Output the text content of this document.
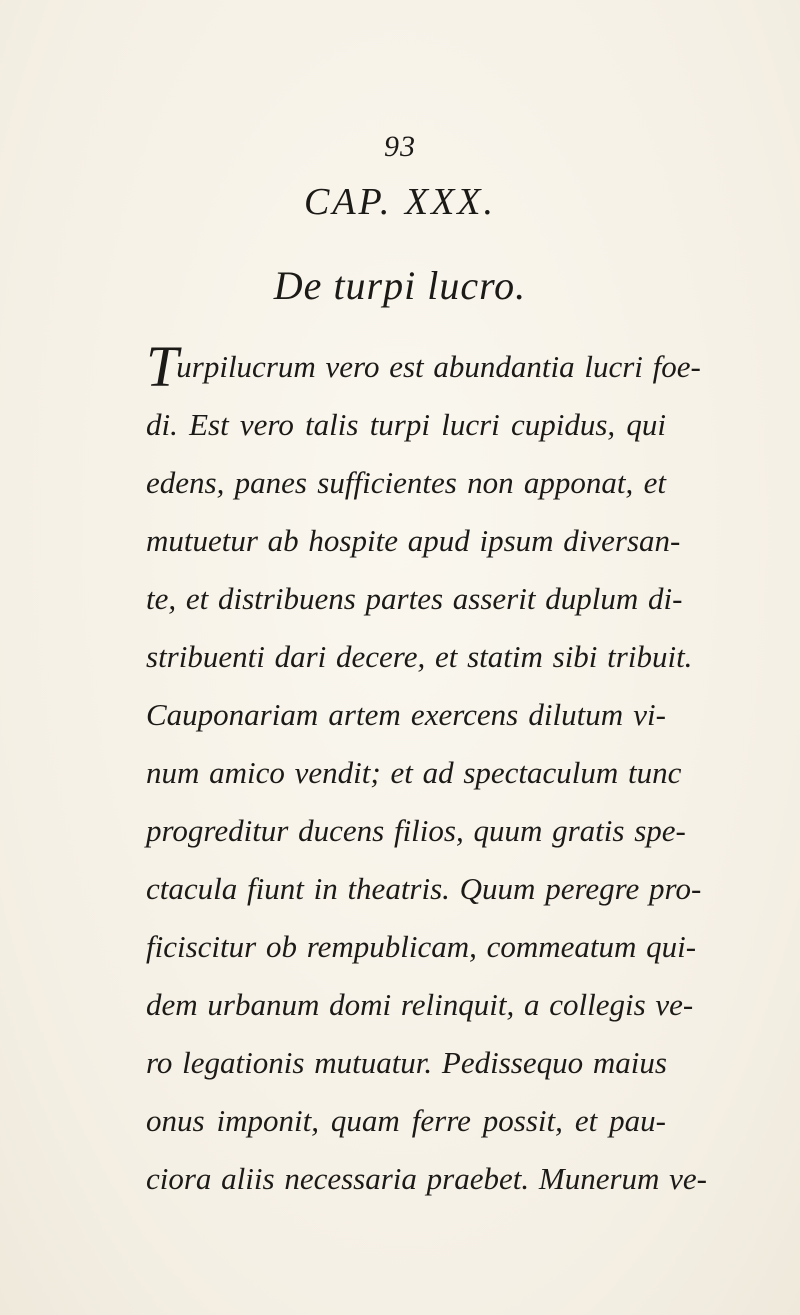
93
CAP. XXX.
De turpi lucro.
Turpilucrum vero est abundantia lucri foe-
di. Est vero talis turpi lucri cupidus, qui
edens, panes sufficientes non apponat, et
mutuetur ab hospite apud ipsum diversan-
te, et distribuens partes asserit duplum di-
stribuenti dari decere, et statim sibi tribuit.
Cauponariam artem exercens dilutum vi-
num amico vendit; et ad spectaculum tunc
progreditur ducens filios, quum gratis spe-
ctacula fiunt in theatris. Quum peregre pro-
ficiscitur ob rempublicam, commeatum qui-
dem urbanum domi relinquit, a collegis ve-
ro legationis mutuatur. Pedissequo maius
onus imponit, quam ferre possit, et pau-
ciora aliis necessaria praebet. Munerum ve-
